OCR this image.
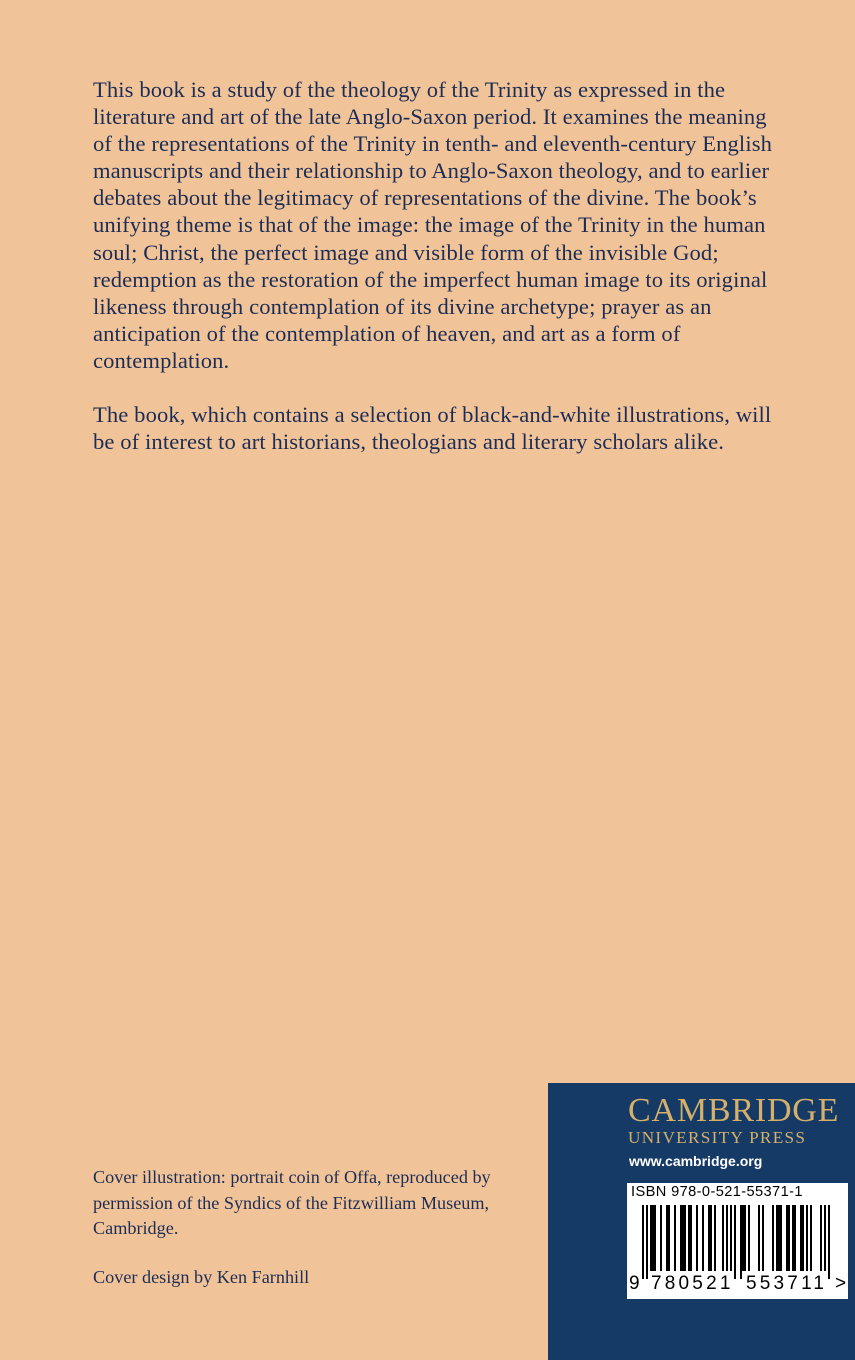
This book is a study of the theology of the Trinity as expressed in the literature and art of the late Anglo-Saxon period. It examines the meaning of the representations of the Trinity in tenth- and eleventh-century English manuscripts and their relationship to Anglo-Saxon theology, and to earlier debates about the legitimacy of representations of the divine. The book’s unifying theme is that of the image: the image of the Trinity in the human soul; Christ, the perfect image and visible form of the invisible God; redemption as the restoration of the imperfect human image to its original likeness through contemplation of its divine archetype; prayer as an anticipation of the contemplation of heaven, and art as a form of contemplation.

The book, which contains a selection of black-and-white illustrations, will be of interest to art historians, theologians and literary scholars alike.

Cover illustration: portrait coin of Offa, reproduced by permission of the Syndics of the Fitzwilliam Museum, Cambridge.

Cover design by Ken Farnhill

CAMBRIDGE
UNIVERSITY PRESS
www.cambridge.org
ISBN 978-0-521-55371-1
9 780521 553711 >
